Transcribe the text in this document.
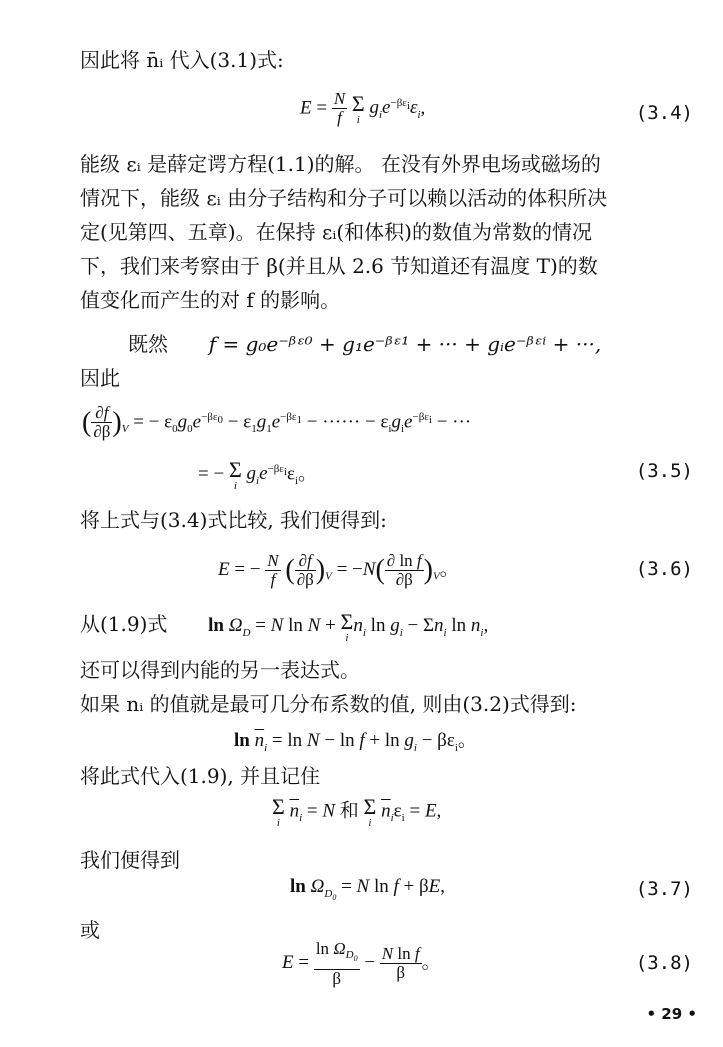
因此将 n̄ᵢ 代入(3.1)式:
$E = \frac{N}{f}$
Σ
i
$g_ie^{-\beta\varepsilon_i}\varepsilon_i$,	(3.4)
能级 εᵢ 是薛定谔方程(1.1)的解。 在没有外界电场或磁场的
情况下，能级 εᵢ 由分子结构和分子可以赖以活动的体积所决
定(见第四、五章)。在保持 εᵢ(和体积)的数值为常数的情况
下，我们来考察由于 β(并且从 2.6 节知道还有温度 T)的数
值变化而产生的对 f 的影响。
既然 f = g₀e⁻ᵝᵋ⁰ + g₁e⁻ᵝᵋ¹ + ··· + gᵢe⁻ᵝᵋⁱ + ···,
因此
( $\frac{\partial f}{\partial\beta} )_V$ = − $\varepsilon_0g_0e^{-\beta\varepsilon_0} - \varepsilon_1g_1e^{-\beta\varepsilon_1}$ − ······ − $\varepsilon_ig_ie^{-\beta\varepsilon_i}$ − ···
= − Σ
i
$g_ie^{-\beta\varepsilon_i}\varepsilon_i$。	(3.5)
将上式与(3.4)式比较, 我们便得到:
E = − $\frac{N}{f}$ ( $\frac{\partial f}{\partial\beta} )_V = -N( \frac{\text{∂ ln f}}{\partial\beta} )_V$。	(3.6)
从(1.9)式 $\ln \Omega_D = N$ ln N + Σ
i
$n_i$ $\ln g_i - \Sigma n_i$ $\ln n_i$,
还可以得到内能的另一表达式。
如果 nᵢ 的值就是最可几分布系数的值, 则由(3.2)式得到:
$\ln \overline{n}_i = \ln N - \ln f + \ln g_i - \beta\varepsilon_i$。
将此式代入(1.9), 并且记住
Σ
i
$\overline{n}_i = N$ 和 Σ
i
$\overline{n}_i\varepsilon_i = E$,
我们便得到
$\ln \Omega_{D_0} = N$ ln f + βE,	(3.7)
或
$E = \frac{\ln \Omega_{D_0}}{\beta} - \frac{\text{N ln f}}{\beta}$ 。	(3.8)
• 29 •
